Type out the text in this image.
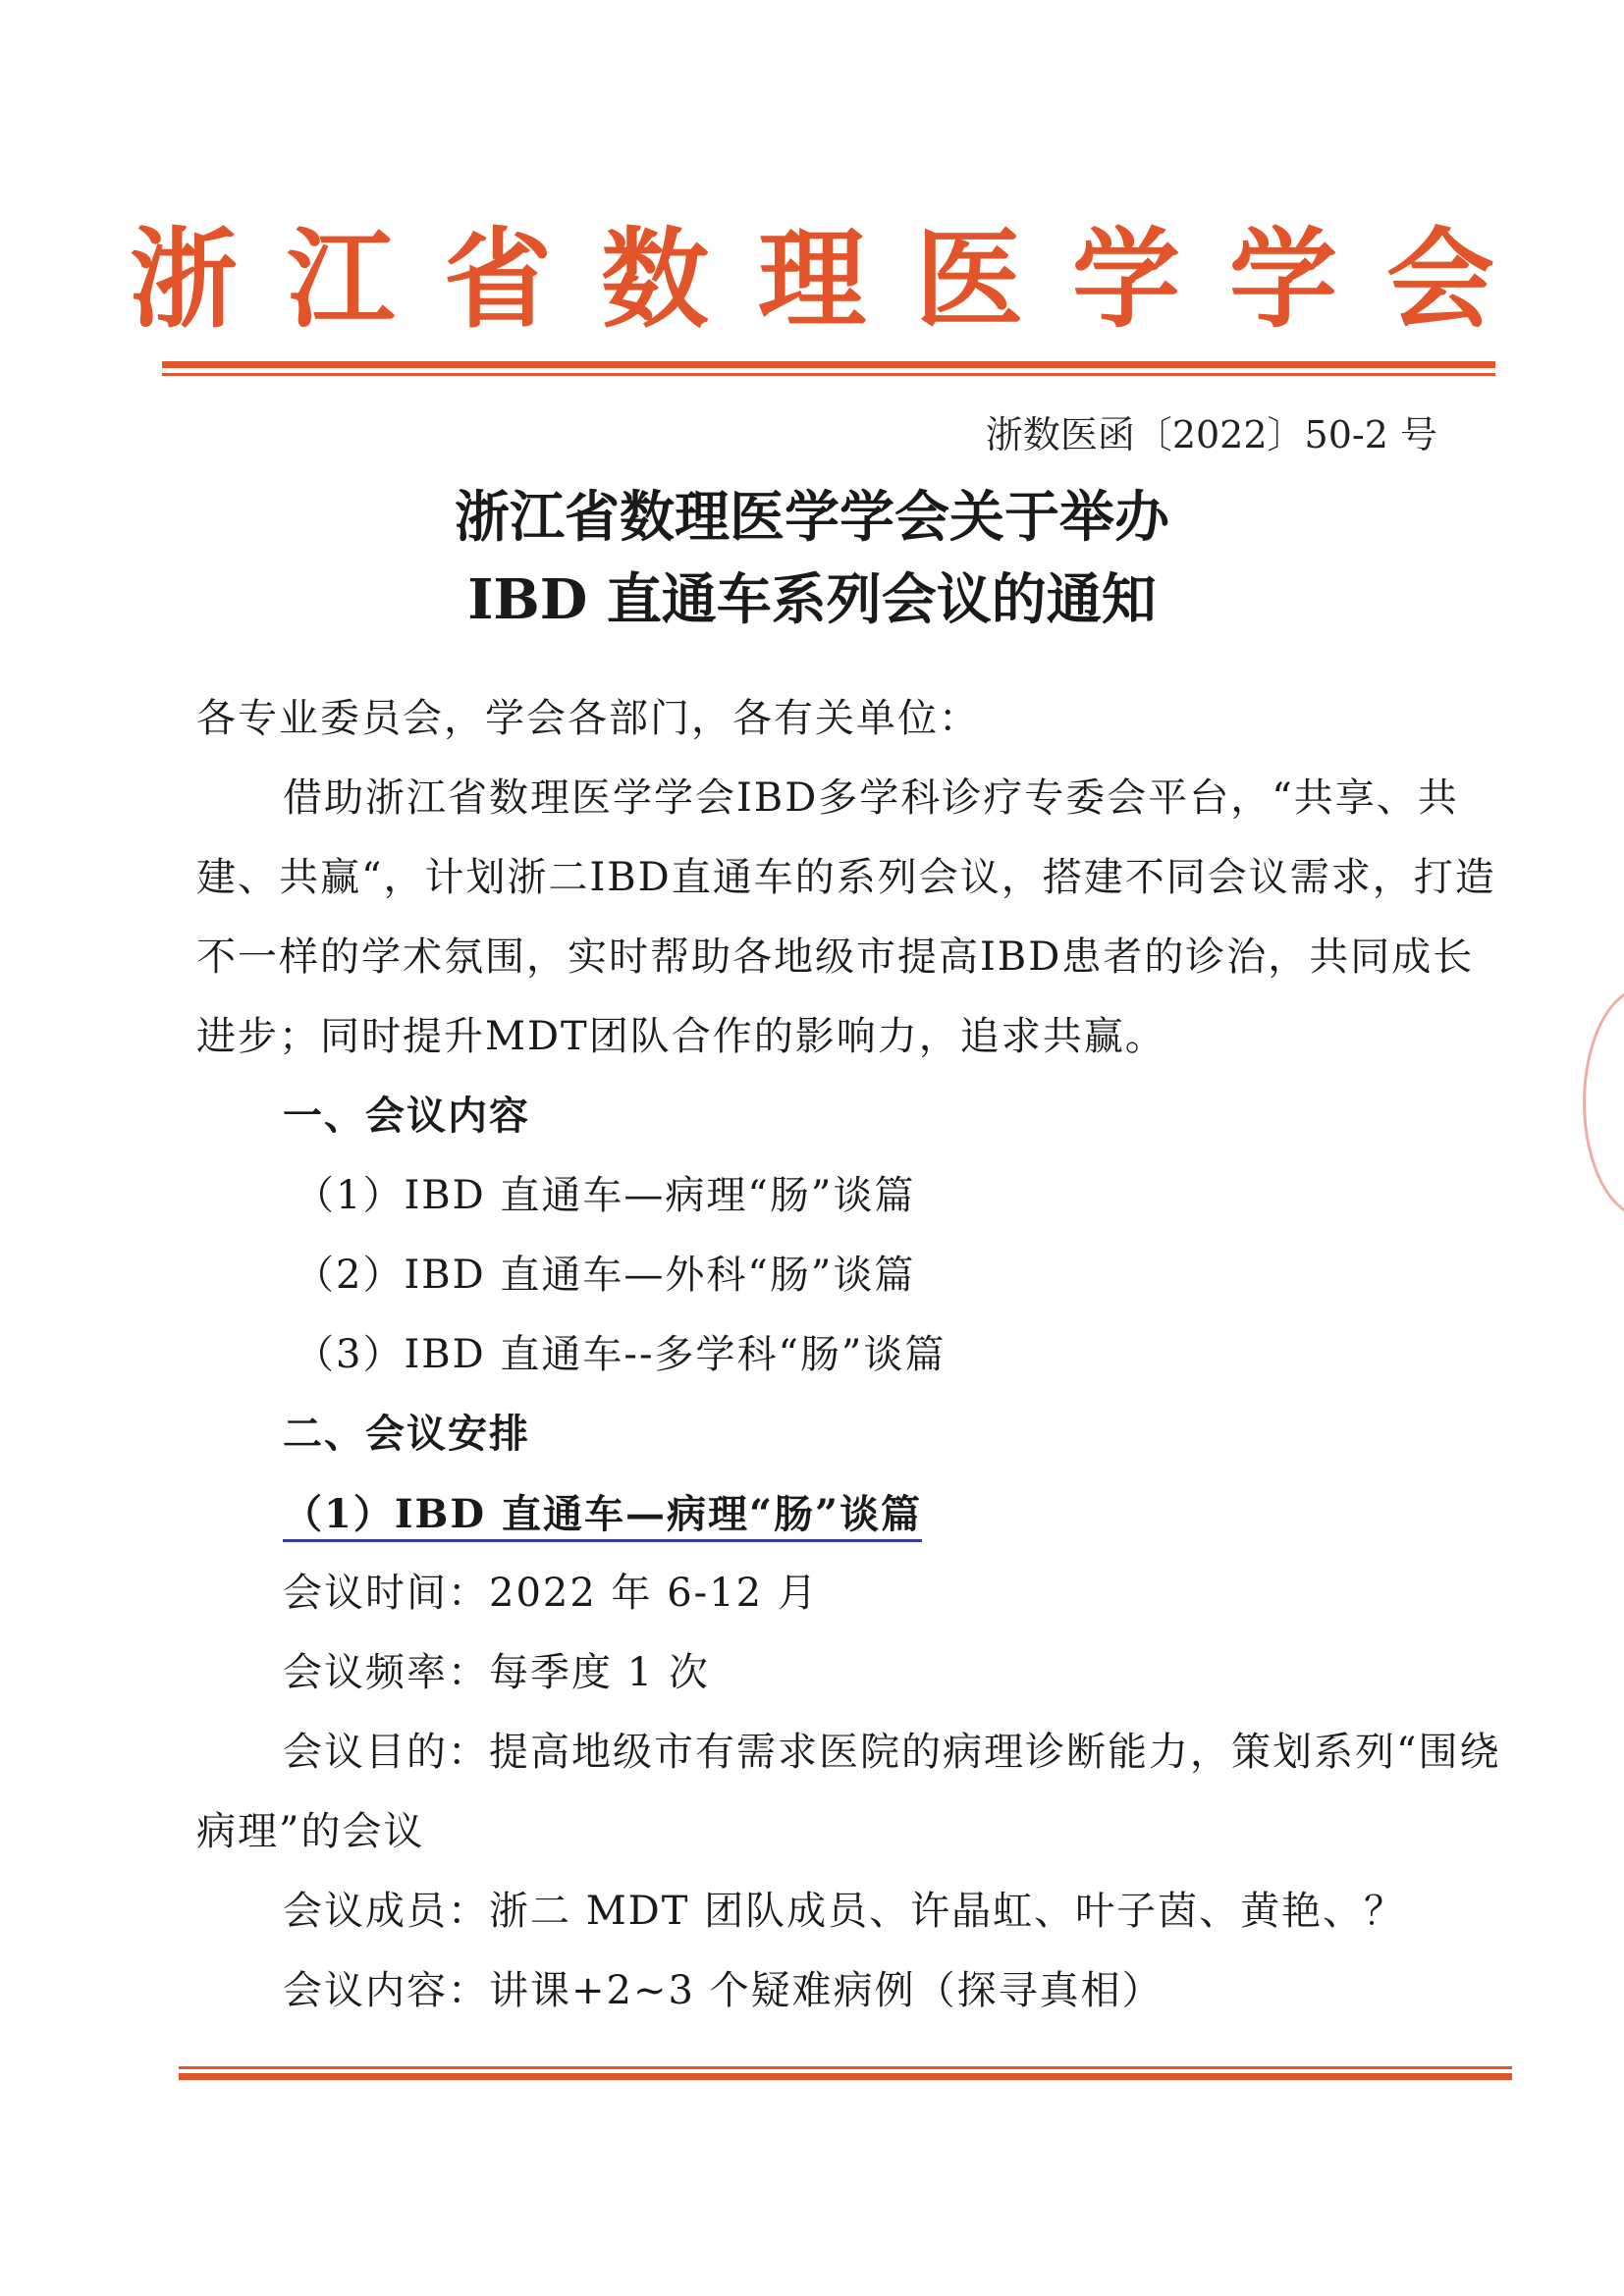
浙江省数理医学学会
浙数医函〔2022〕50-2 号
浙江省数理医学学会关于举办
IBD 直通车系列会议的通知

各专业委员会，学会各部门，各有关单位：

借助浙江省数理医学学会IBD多学科诊疗专委会平台，“共享、共建、共赢“，计划浙二IBD直通车的系列会议，搭建不同会议需求，打造不一样的学术氛围，实时帮助各地级市提高IBD患者的诊治，共同成长进步；同时提升MDT团队合作的影响力，追求共赢。

一、会议内容

（1）IBD 直通车—病理“肠”谈篇

（2）IBD 直通车—外科“肠”谈篇

（3）IBD 直通车--多学科“肠”谈篇

二、会议安排

（1）IBD 直通车—病理“肠”谈篇

会议时间：2022 年 6-12 月

会议频率：每季度 1 次

会议目的：提高地级市有需求医院的病理诊断能力，策划系列“围绕病理”的会议

会议成员：浙二 MDT 团队成员、许晶虹、叶子茵、黄艳、？

会议内容：讲课+2~3 个疑难病例（探寻真相）
